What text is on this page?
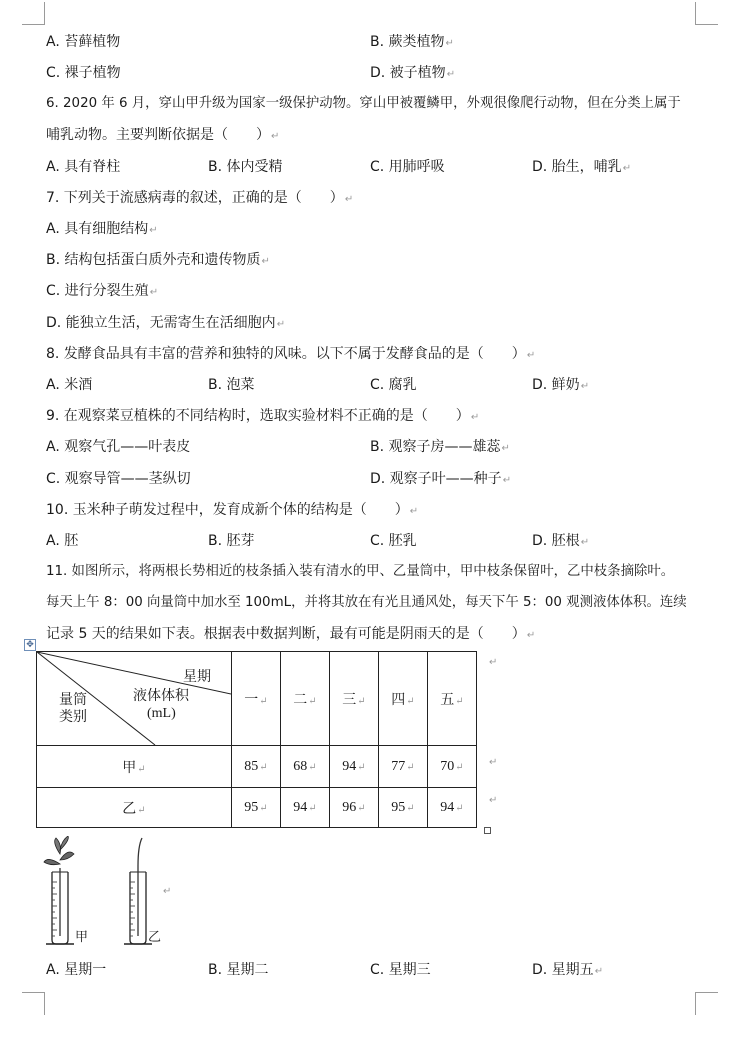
A. 苔藓植物	B. 蕨类植物↵
C. 裸子植物	D. 被子植物↵
6. 2020 年 6 月，穿山甲升级为国家一级保护动物。穿山甲被覆鳞甲，外观很像爬行动物，但在分类上属于
哺乳动物。主要判断依据是（　　）↵
A. 具有脊柱	B. 体内受精	C. 用肺呼吸	D. 胎生，哺乳↵
7. 下列关于流感病毒的叙述，正确的是（　　）↵
A. 具有细胞结构↵
B. 结构包括蛋白质外壳和遗传物质↵
C. 进行分裂生殖↵
D. 能独立生活，无需寄生在活细胞内↵
8. 发酵食品具有丰富的营养和独特的风味。以下不属于发酵食品的是（　　）↵
A. 米酒	B. 泡菜	C. 腐乳	D. 鲜奶↵
9. 在观察菜豆植株的不同结构时，选取实验材料不正确的是（　　）↵
A. 观察气孔——叶表皮	B. 观察子房——雄蕊↵
C. 观察导管——茎纵切	D. 观察子叶——种子↵
10. 玉米种子萌发过程中，发育成新个体的结构是（　　）↵
A. 胚	B. 胚芽	C. 胚乳	D. 胚根↵
11. 如图所示，将两根长势相近的枝条插入装有清水的甲、乙量筒中，甲中枝条保留叶，乙中枝条摘除叶。
每天上午 8：00 向量筒中加水至 100mL，并将其放在有光且通风处，每天下午 5：00 观测液体体积。连续
记录 5 天的结果如下表。根据表中数据判断，最有可能是阴雨天的是（　　）↵
✥
星期
液体体积
(mL)
量筒
类别	一↵	二↵	三↵	四↵	五↵
甲↵	85↵	68↵	94↵	77↵	70↵
乙↵	95↵	94↵	96↵	95↵	94↵
↵
↵
↵
甲	乙
↵
A. 星期一	B. 星期二	C. 星期三	D. 星期五↵
